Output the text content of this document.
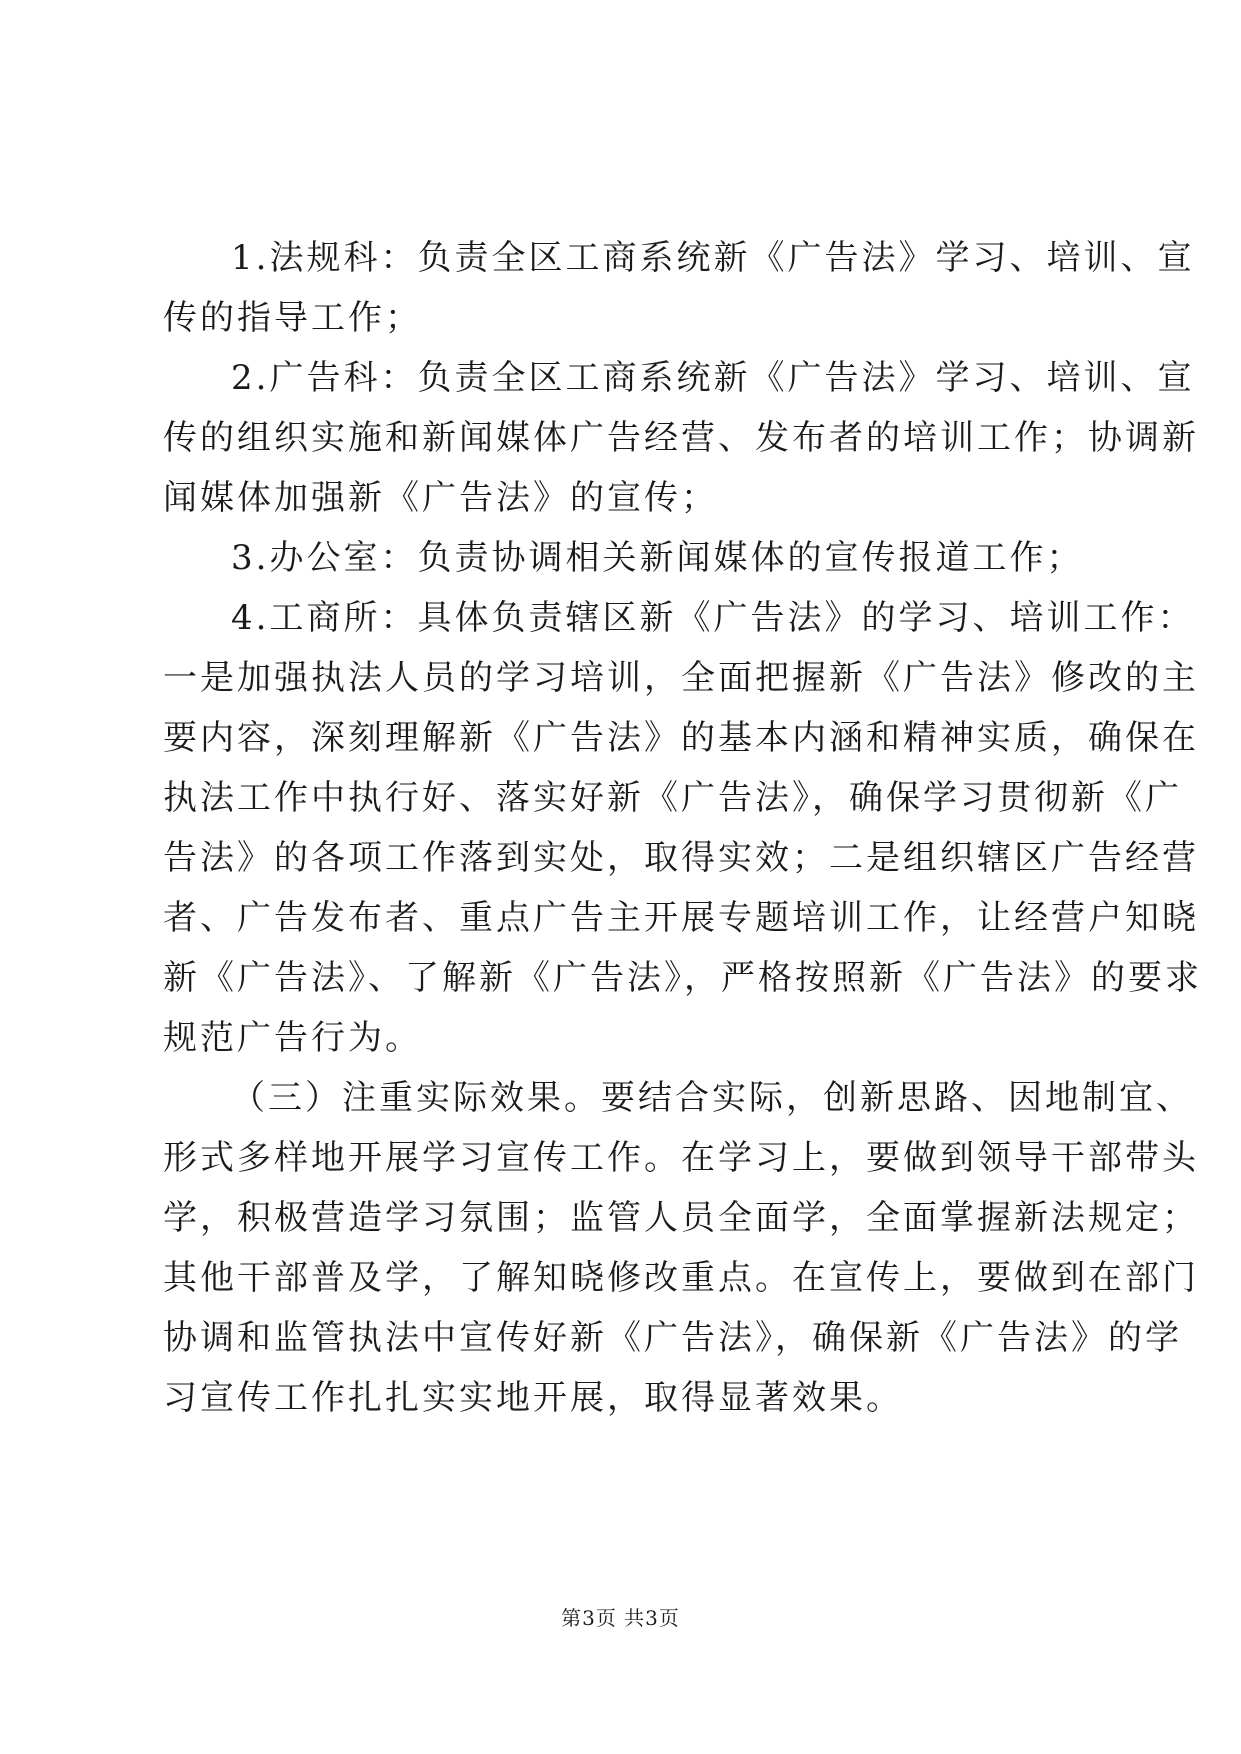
1.法规科：负责全区工商系统新《广告法》学习、培训、宣
传的指导工作；
2.广告科：负责全区工商系统新《广告法》学习、培训、宣
传的组织实施和新闻媒体广告经营、发布者的培训工作；协调新
闻媒体加强新《广告法》的宣传；
3.办公室：负责协调相关新闻媒体的宣传报道工作；
4.工商所：具体负责辖区新《广告法》的学习、培训工作：
一是加强执法人员的学习培训，全面把握新《广告法》修改的主
要内容，深刻理解新《广告法》的基本内涵和精神实质，确保在
执法工作中执行好、落实好新《广告法》，确保学习贯彻新《广
告法》的各项工作落到实处，取得实效；二是组织辖区广告经营
者、广告发布者、重点广告主开展专题培训工作，让经营户知晓
新《广告法》、了解新《广告法》，严格按照新《广告法》的要求
规范广告行为。
（三）注重实际效果。要结合实际，创新思路、因地制宜、
形式多样地开展学习宣传工作。在学习上，要做到领导干部带头
学，积极营造学习氛围；监管人员全面学，全面掌握新法规定；
其他干部普及学，了解知晓修改重点。在宣传上，要做到在部门
协调和监管执法中宣传好新《广告法》，确保新《广告法》的学
习宣传工作扎扎实实地开展，取得显著效果。
第3页 共3页
